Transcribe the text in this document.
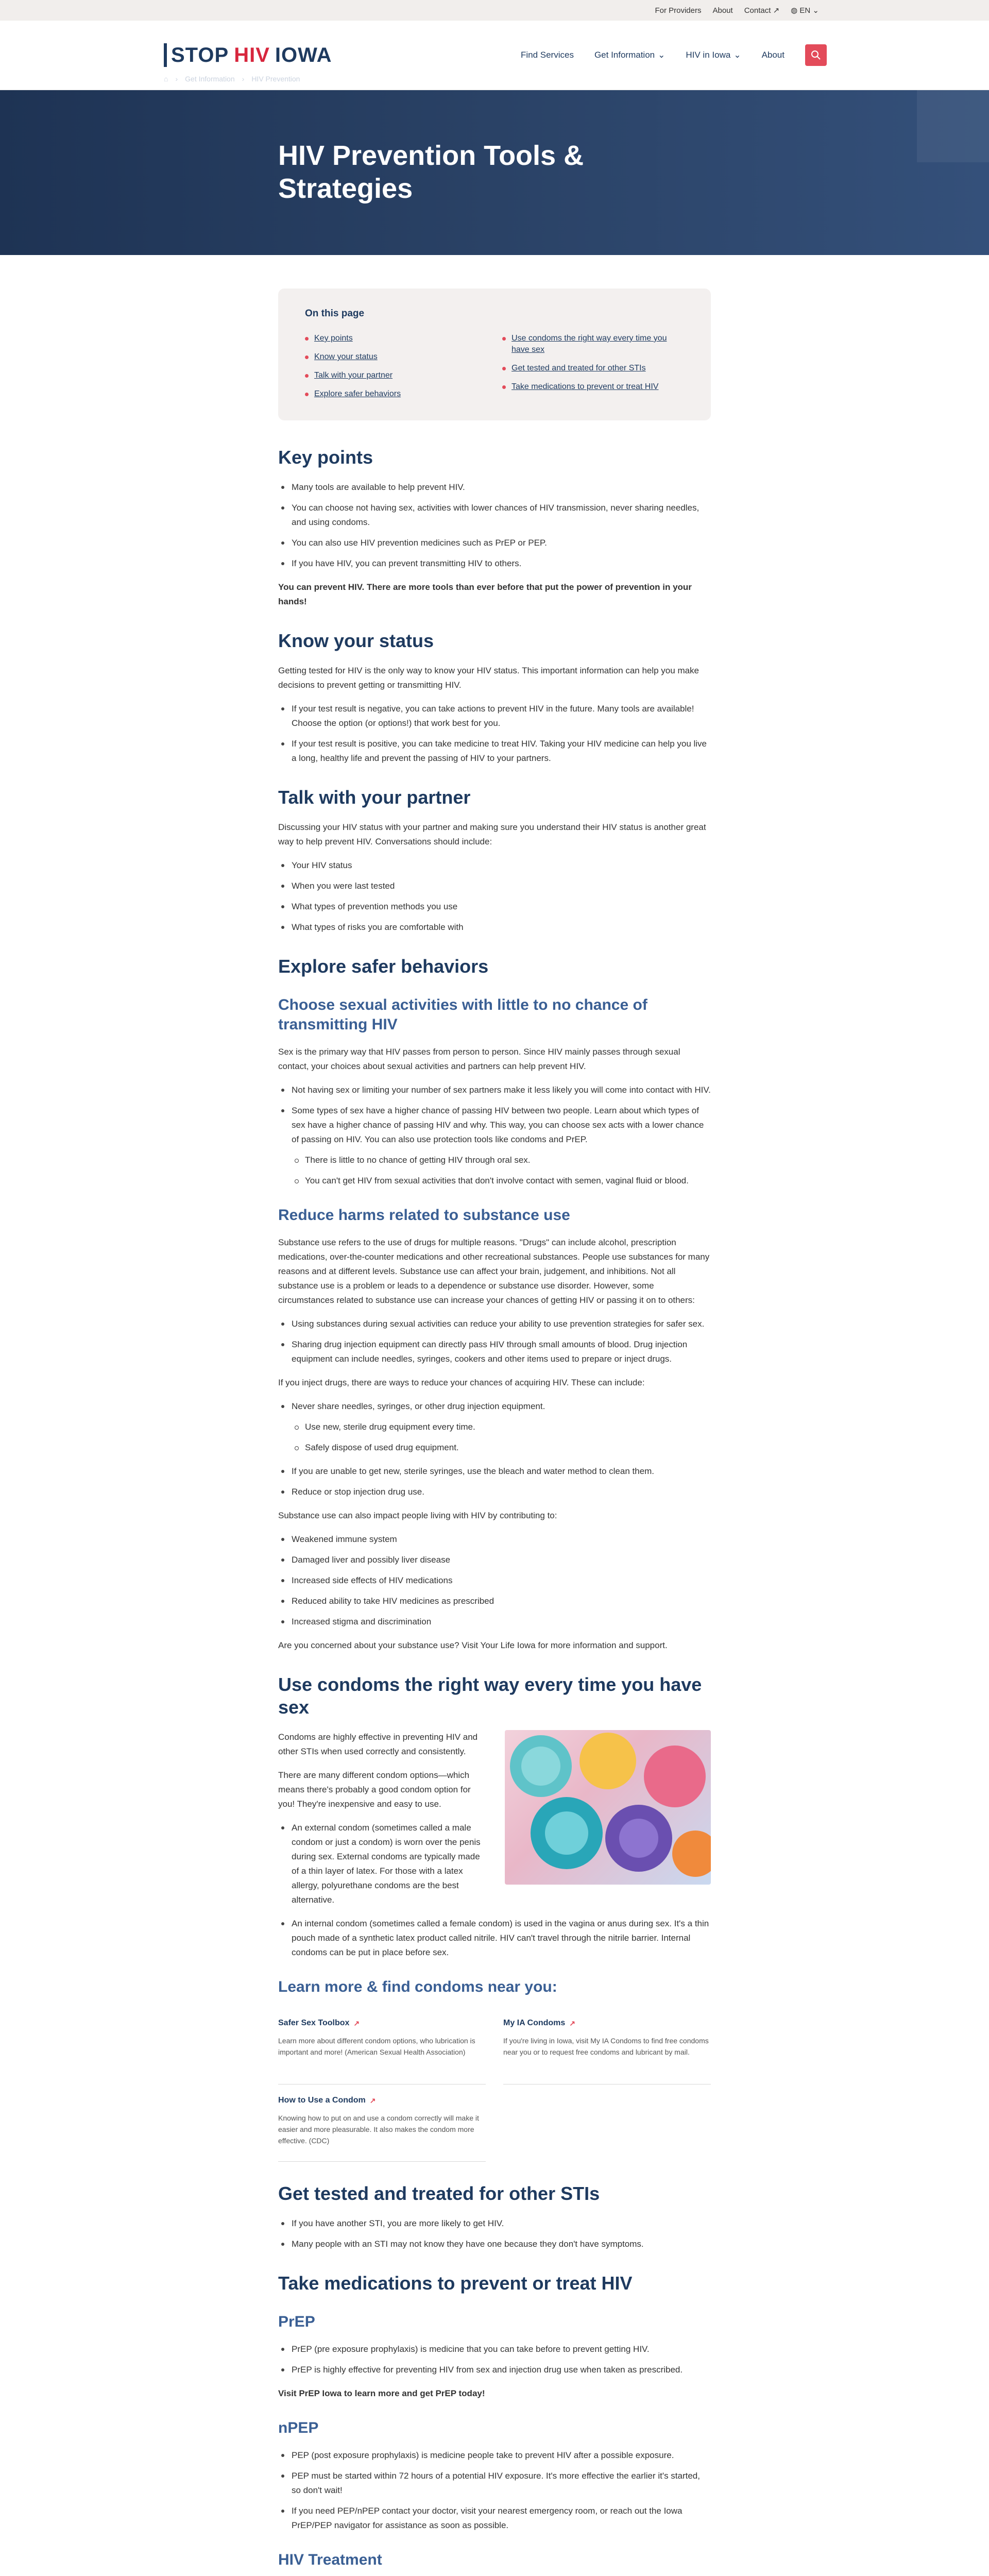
For Providers About Contact ↗ ◍ EN ⌄
STOP HIV IOWA	Find Services Get Information ⌄ HIV in Iowa ⌄ About
⌂ › Get Information › HIV Prevention
HIV Prevention Tools & Strategies
On this page
Key points
Know your status
Talk with your partner
Explore safer behaviors
Use condoms the right way every time you have sex
Get tested and treated for other STIs
Take medications to prevent or treat HIV
Key points
Many tools are available to help prevent HIV.
You can choose not having sex, activities with lower chances of HIV transmission, never sharing needles, and using condoms.
You can also use HIV prevention medicines such as PrEP or PEP.
If you have HIV, you can prevent transmitting HIV to others.

You can prevent HIV. There are more tools than ever before that put the power of prevention in your hands!

Know your status

Getting tested for HIV is the only way to know your HIV status. This important information can help you make decisions to prevent getting or transmitting HIV.

If your test result is negative, you can take actions to prevent HIV in the future. Many tools are available! Choose the option (or options!) that work best for you.
If your test result is positive, you can take medicine to treat HIV. Taking your HIV medicine can help you live a long, healthy life and prevent the passing of HIV to your partners.
Talk with your partner

Discussing your HIV status with your partner and making sure you understand their HIV status is another great way to help prevent HIV. Conversations should include:

Your HIV status
When you were last tested
What types of prevention methods you use
What types of risks you are comfortable with
Explore safer behaviors
Choose sexual activities with little to no chance of transmitting HIV

Sex is the primary way that HIV passes from person to person. Since HIV mainly passes through sexual contact, your choices about sexual activities and partners can help prevent HIV.

Not having sex or limiting your number of sex partners make it less likely you will come into contact with HIV.
Some types of sex have a higher chance of passing HIV between two people. Learn about which types of sex have a higher chance of passing HIV and why. This way, you can choose sex acts with a lower chance of passing on HIV. You can also use protection tools like condoms and PrEP.
There is little to no chance of getting HIV through oral sex.
You can't get HIV from sexual activities that don't involve contact with semen, vaginal fluid or blood.
Reduce harms related to substance use

Substance use refers to the use of drugs for multiple reasons. "Drugs" can include alcohol, prescription medications, over-the-counter medications and other recreational substances. People use substances for many reasons and at different levels. Substance use can affect your brain, judgement, and inhibitions. Not all substance use is a problem or leads to a dependence or substance use disorder. However, some circumstances related to substance use can increase your chances of getting HIV or passing it on to others:

Using substances during sexual activities can reduce your ability to use prevention strategies for safer sex.
Sharing drug injection equipment can directly pass HIV through small amounts of blood. Drug injection equipment can include needles, syringes, cookers and other items used to prepare or inject drugs.

If you inject drugs, there are ways to reduce your chances of acquiring HIV. These can include:

Never share needles, syringes, or other drug injection equipment.
Use new, sterile drug equipment every time.
Safely dispose of used drug equipment.
If you are unable to get new, sterile syringes, use the bleach and water method to clean them.
Reduce or stop injection drug use.

Substance use can also impact people living with HIV by contributing to:

Weakened immune system
Damaged liver and possibly liver disease
Increased side effects of HIV medications
Reduced ability to take HIV medicines as prescribed
Increased stigma and discrimination

Are you concerned about your substance use? Visit Your Life Iowa for more information and support.

Use condoms the right way every time you have sex

Condoms are highly effective in preventing HIV and other STIs when used correctly and consistently.

There are many different condom options—which means there's probably a good condom option for you! They're inexpensive and easy to use.

An external condom (sometimes called a male condom or just a condom) is worn over the penis during sex. External condoms are typically made of a thin layer of latex. For those with a latex allergy, polyurethane condoms are the best alternative.
An internal condom (sometimes called a female condom) is used in the vagina or anus during sex. It's a thin pouch made of a synthetic latex product called nitrile. HIV can't travel through the nitrile barrier. Internal condoms can be put in place before sex.
Learn more & find condoms near you:
Safer Sex Toolbox ↗

Learn more about different condom options, who lubrication is important and more! (American Sexual Health Association)

My IA Condoms ↗

If you're living in Iowa, visit My IA Condoms to find free condoms near you or to request free condoms and lubricant by mail.

How to Use a Condom ↗

Knowing how to put on and use a condom correctly will make it easier and more pleasurable. It also makes the condom more effective. (CDC)

Get tested and treated for other STIs
If you have another STI, you are more likely to get HIV.
Many people with an STI may not know they have one because they don't have symptoms.
Take medications to prevent or treat HIV
PrEP
PrEP (pre exposure prophylaxis) is medicine that you can take before to prevent getting HIV.
PrEP is highly effective for preventing HIV from sex and injection drug use when taken as prescribed.

Visit PrEP Iowa to learn more and get PrEP today!

nPEP
PEP (post exposure prophylaxis) is medicine people take to prevent HIV after a possible exposure.
PEP must be started within 72 hours of a potential HIV exposure. It's more effective the earlier it's started, so don't wait!
If you need PEP/nPEP contact your doctor, visit your nearest emergency room, or reach out the Iowa PrEP/PEP navigator for assistance as soon as possible.
HIV Treatment
